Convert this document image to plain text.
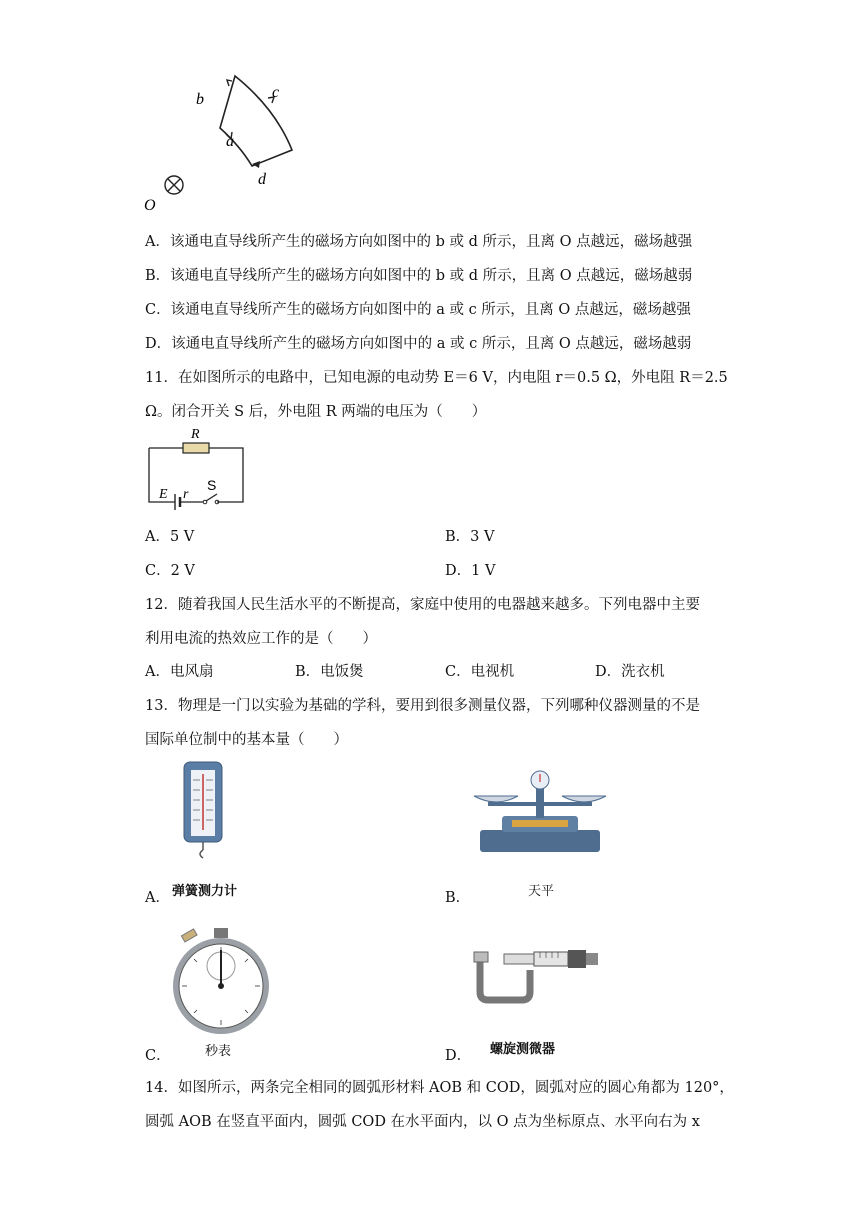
b	c
a
d
O
A．该通电直导线所产生的磁场方向如图中的 b 或 d 所示，且离 O 点越远，磁场越强
B．该通电直导线所产生的磁场方向如图中的 b 或 d 所示，且离 O 点越远，磁场越弱
C．该通电直导线所产生的磁场方向如图中的 a 或 c 所示，且离 O 点越远，磁场越强
D．该通电直导线所产生的磁场方向如图中的 a 或 c 所示，且离 O 点越远，磁场越弱
11．在如图所示的电路中，已知电源的电动势 E＝6 V，内电阻 r＝0.5 Ω，外电阻 R＝2.5
Ω。闭合开关 S 后，外电阻 R 两端的电压为（　　）
R
E r
S
A．5 V	B．3 V
C．2 V	D．1 V
12．随着我国人民生活水平的不断提高，家庭中使用的电器越来越多。下列电器中主要
利用电流的热效应工作的是（　　）
A．电风扇	B．电饭煲	C．电视机	D．洗衣机
13．物理是一门以实验为基础的学科，要用到很多测量仪器，下列哪种仪器测量的不是
国际单位制中的基本量（　　）
A． 弹簧测力计	B．	天平
C．	秒表	D． 螺旋测微器
14．如图所示，两条完全相同的圆弧形材料 AOB 和 COD，圆弧对应的圆心角都为 120°，
圆弧 AOB 在竖直平面内，圆弧 COD 在水平面内，以 O 点为坐标原点、水平向右为 x
